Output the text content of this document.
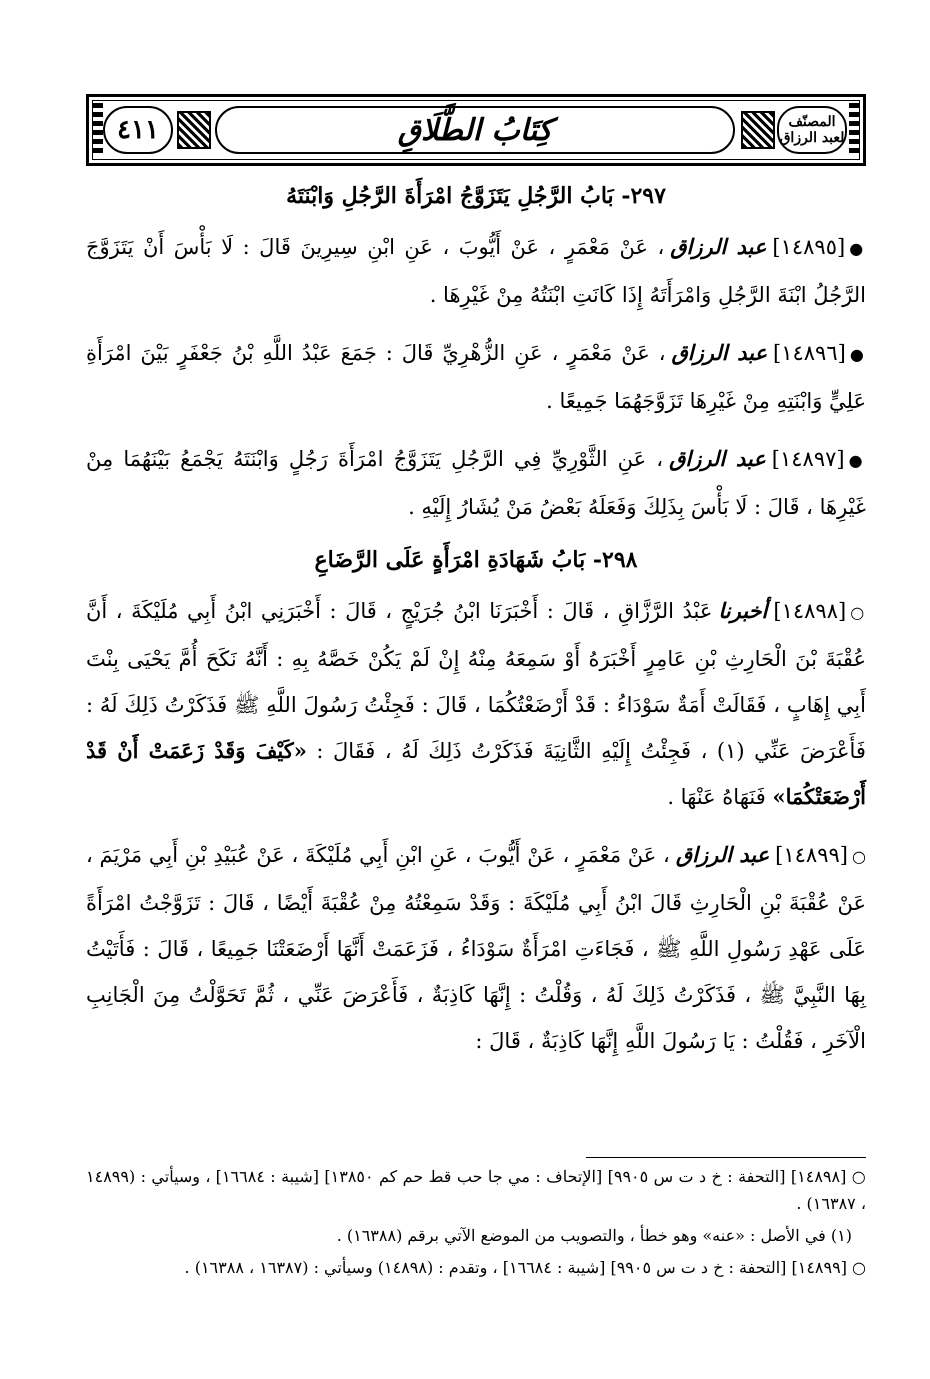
٤١١	كِتَابُ الطَّلَاقِ	المصنّف لعبد الرزاق
٢٩٧- بَابُ الرَّجُلِ يَتَزَوَّجُ امْرَأَةَ الرَّجُلِ وَابْنَتَهُ

●[١٤٨٩٥]عبد الرزاق، عَنْ مَعْمَرٍ ، عَنْ أَيُّوبَ ، عَنِ ابْنِ سِيرِينَ قَالَ : لَا بَأْسَ أَنْ يَتَزَوَّجَ الرَّجُلُ ابْنَةَ الرَّجُلِ وَامْرَأَتَهُ إِذَا كَانَتِ ابْنَتُهُ مِنْ غَيْرِهَا .

●[١٤٨٩٦]عبد الرزاق، عَنْ مَعْمَرٍ ، عَنِ الزُّهْرِيِّ قَالَ : جَمَعَ عَبْدُ اللَّهِ بْنُ جَعْفَرٍ بَيْنَ امْرَأَةِ عَلِيٍّ وَابْنَتِهِ مِنْ غَيْرِهَا تَزَوَّجَهُمَا جَمِيعًا .

●[١٤٨٩٧]عبد الرزاق، عَنِ الثَّوْرِيِّ فِي الرَّجُلِ يَتَزَوَّجُ امْرَأَةَ رَجُلٍ وَابْنَتَهُ يَجْمَعُ بَيْنَهُمَا مِنْ غَيْرِهَا ، قَالَ : لَا بَأْسَ بِذَلِكَ وَفَعَلَهُ بَعْضُ مَنْ يُشَارُ إِلَيْهِ .

٢٩٨- بَابُ شَهَادَةِ امْرَأَةٍ عَلَى الرَّضَاعِ

○[١٤٨٩٨]أخبرناعَبْدُ الرَّزَّاقِ ، قَالَ : أَخْبَرَنَا ابْنُ جُرَيْجٍ ، قَالَ : أَخْبَرَنِي ابْنُ أَبِي مُلَيْكَةَ ، أَنَّ عُقْبَةَ بْنَ الْحَارِثِ بْنِ عَامِرٍ أَخْبَرَهُ أَوْ سَمِعَهُ مِنْهُ إِنْ لَمْ يَكُنْ خَصَّهُ بِهِ : أَنَّهُ نَكَحَ أُمَّ يَحْيَى بِنْتَ أَبِي إِهَابٍ ، فَقَالَتْ أَمَةٌ سَوْدَاءُ : قَدْ أَرْضَعْتُكُمَا ، قَالَ : فَجِئْتُ رَسُولَ اللَّهِ ﷺ فَذَكَرْتُ ذَلِكَ لَهُ : فَأَعْرَضَ عَنِّي (١) ، فَجِئْتُ إِلَيْهِ الثَّانِيَةَ فَذَكَرْتُ ذَلِكَ لَهُ ، فَقَالَ : «كَيْفَ وَقَدْ زَعَمَتْ أَنْ قَدْ أَرْضَعَتْكُمَا» فَنَهَاهُ عَنْهَا .

○[١٤٨٩٩]عبد الرزاق، عَنْ مَعْمَرٍ ، عَنْ أَيُّوبَ ، عَنِ ابْنِ أَبِي مُلَيْكَةَ ، عَنْ عُبَيْدِ بْنِ أَبِي مَرْيَمَ ، عَنْ عُقْبَةَ بْنِ الْحَارِثِ قَالَ ابْنُ أَبِي مُلَيْكَةَ : وَقَدْ سَمِعْتُهُ مِنْ عُقْبَةَ أَيْضًا ، قَالَ : تَزَوَّجْتُ امْرَأَةً عَلَى عَهْدِ رَسُولِ اللَّهِ ﷺ ، فَجَاءَتِ امْرَأَةٌ سَوْدَاءُ ، فَزَعَمَتْ أَنَّهَا أَرْضَعَتْنَا جَمِيعًا ، قَالَ : فَأَتَيْتُ بِهَا النَّبِيَّ ﷺ ، فَذَكَرْتُ ذَلِكَ لَهُ ، وَقُلْتُ : إِنَّهَا كَاذِبَةٌ ، فَأَعْرَضَ عَنِّي ، ثُمَّ تَحَوَّلْتُ مِنَ الْجَانِبِ الْآخَرِ ، فَقُلْتُ : يَا رَسُولَ اللَّهِ إِنَّهَا كَاذِبَةٌ ، قَالَ :

○ [١٤٨٩٨] [التحفة : خ د ت س ٩٩٠٥] [الإتحاف : مي جا حب قط حم كم ١٣٨٥٠] [شيبة : ١٦٦٨٤] ، وسيأتي : (١٤٨٩٩ ، ١٦٣٨٧) .

(١) في الأصل : «عنه» وهو خطأ ، والتصويب من الموضع الآتي برقم (١٦٣٨٨) .

○ [١٤٨٩٩] [التحفة : خ د ت س ٩٩٠٥] [شيبة : ١٦٦٨٤] ، وتقدم : (١٤٨٩٨) وسيأتي : (١٦٣٨٧ ، ١٦٣٨٨) .
